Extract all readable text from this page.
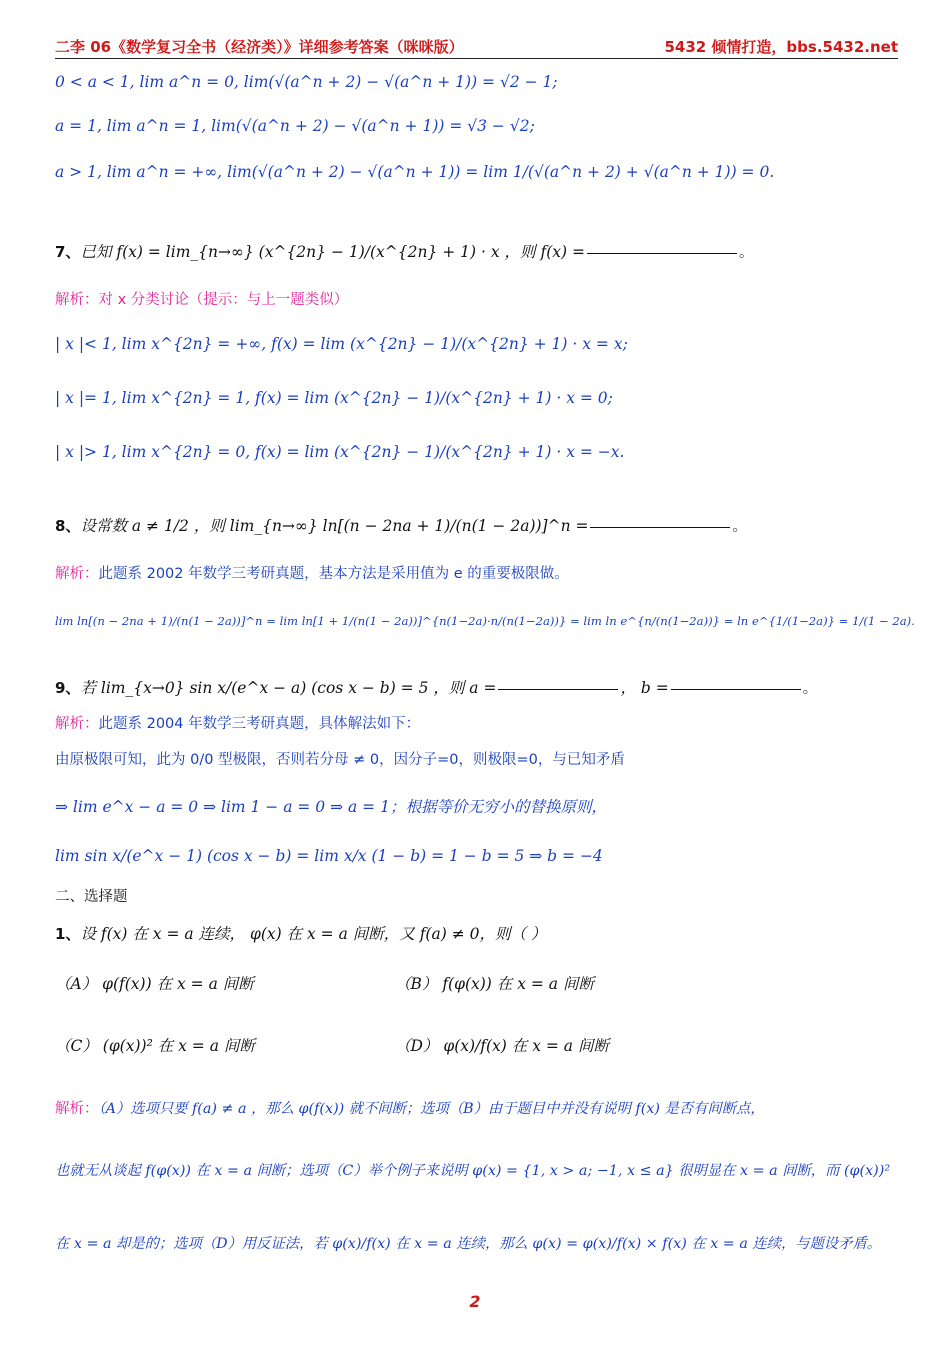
二李 06《数学复习全书（经济类）》详细参考答案（咪咪版）	5432 倾情打造，bbs.5432.net
0 < a < 1, lim a^n = 0, lim(√(a^n + 2) − √(a^n + 1)) = √2 − 1;
a = 1, lim a^n = 1, lim(√(a^n + 2) − √(a^n + 1)) = √3 − √2;
a > 1, lim a^n = +∞, lim(√(a^n + 2) − √(a^n + 1)) = lim 1/(√(a^n + 2) + √(a^n + 1)) = 0.
7、已知 f(x) = lim_{n→∞} (x^{2n} − 1)/(x^{2n} + 1) · x ，则 f(x) =	。
解析：对 x 分类讨论（提示：与上一题类似）
| x |< 1, lim x^{2n} = +∞, f(x) = lim (x^{2n} − 1)/(x^{2n} + 1) · x = x;
| x |= 1, lim x^{2n} = 1, f(x) = lim (x^{2n} − 1)/(x^{2n} + 1) · x = 0;
| x |> 1, lim x^{2n} = 0, f(x) = lim (x^{2n} − 1)/(x^{2n} + 1) · x = −x.
8、设常数 a ≠ 1/2 ，则 lim_{n→∞} ln[(n − 2na + 1)/(n(1 − 2a))]^n =	。
解析：此题系 2002 年数学三考研真题，基本方法是采用值为 e 的重要极限做。
lim ln[(n − 2na + 1)/(n(1 − 2a))]^n = lim ln[1 + 1/(n(1 − 2a))]^{n(1−2a)·n/(n(1−2a))} = lim ln e^{n/(n(1−2a))} = ln e^{1/(1−2a)} = 1/(1 − 2a).
9、若 lim_{x→0} sin x/(e^x − a) (cos x − b) = 5 ，则 a =	， b =	。
解析：此题系 2004 年数学三考研真题，具体解法如下：
由原极限可知，此为 0/0 型极限，否则若分母 ≠ 0，因分子=0，则极限=0，与已知矛盾
⇒ lim e^x − a = 0 ⇒ lim 1 − a = 0 ⇒ a = 1；根据等价无穷小的替换原则，
lim sin x/(e^x − 1) (cos x − b) = lim x/x (1 − b) = 1 − b = 5 ⇒ b = −4
二、选择题
1、设 f(x) 在 x = a 连续， φ(x) 在 x = a 间断，又 f(a) ≠ 0，则（ ）
（A） φ(f(x)) 在 x = a 间断	（B） f(φ(x)) 在 x = a 间断
（C） (φ(x))² 在 x = a 间断	（D） φ(x)/f(x) 在 x = a 间断
解析：（A）选项只要 f(a) ≠ a ，那么 φ(f(x)) 就不间断；选项（B）由于题目中并没有说明 f(x) 是否有间断点，
也就无从谈起 f(φ(x)) 在 x = a 间断；选项（C）举个例子来说明 φ(x) = {1, x > a; −1, x ≤ a} 很明显在 x = a 间断，而 (φ(x))²
在 x = a 却是的；选项（D）用反证法，若 φ(x)/f(x) 在 x = a 连续，那么 φ(x) = φ(x)/f(x) × f(x) 在 x = a 连续，与题设矛盾。
2
